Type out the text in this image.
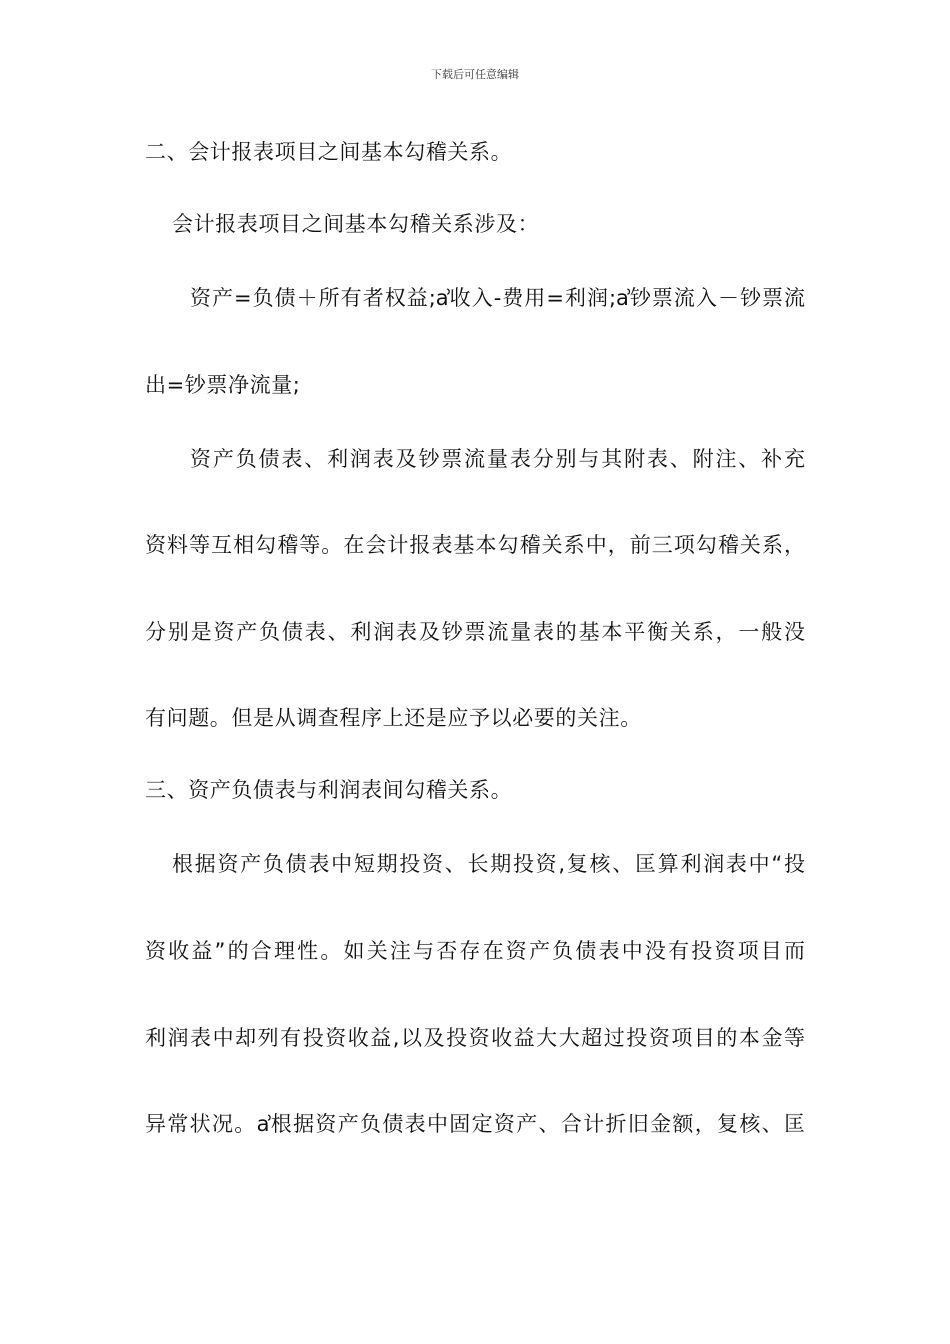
下载后可任意编辑
二、会计报表项目之间基本勾稽关系。
会计报表项目之间基本勾稽关系涉及：
资产=负债＋所有者权益;ẚ收入-费用=利润;ẚ钞票流入－钞票流
出=钞票净流量;
资产负债表、利润表及钞票流量表分别与其附表、附注、补充
资料等互相勾稽等。在会计报表基本勾稽关系中，前三项勾稽关系，
分别是资产负债表、利润表及钞票流量表的基本平衡关系，一般没
有问题。但是从调查程序上还是应予以必要的关注。
三、资产负债表与利润表间勾稽关系。
根据资产负债表中短期投资、长期投资,复核、匡算利润表中“投
资收益”的合理性。如关注与否存在资产负债表中没有投资项目而
利润表中却列有投资收益,以及投资收益大大超过投资项目的本金等
异常状况。ẚ根据资产负债表中固定资产、合计折旧金额，复核、匡
